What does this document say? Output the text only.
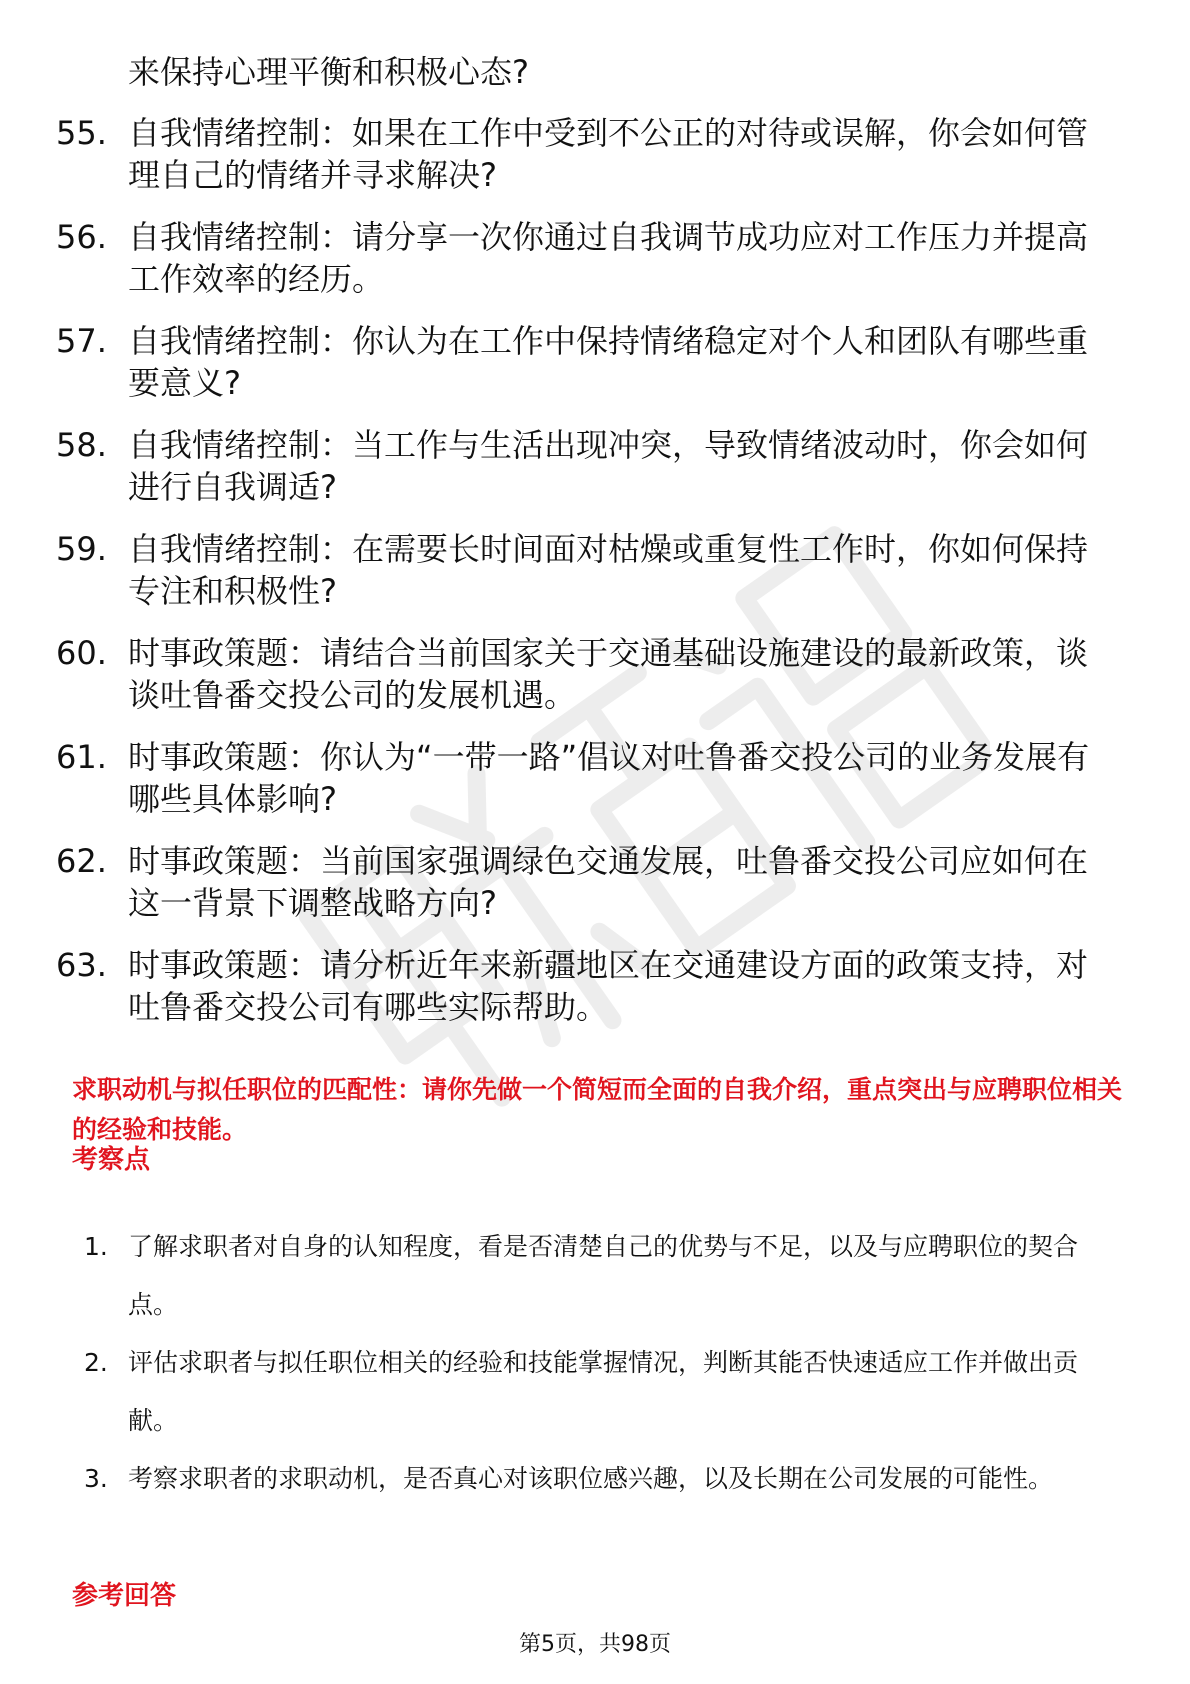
来保持心理平衡和积极心态?
55. 自我情绪控制：如果在工作中受到不公正的对待或误解，你会如何管理自己的情绪并寻求解决?
56. 自我情绪控制：请分享一次你通过自我调节成功应对工作压力并提高工作效率的经历。
57. 自我情绪控制：你认为在工作中保持情绪稳定对个人和团队有哪些重要意义?
58. 自我情绪控制：当工作与生活出现冲突，导致情绪波动时，你会如何进行自我调适?
59. 自我情绪控制：在需要长时间面对枯燥或重复性工作时，你如何保持专注和积极性?
60. 时事政策题：请结合当前国家关于交通基础设施建设的最新政策，谈谈吐鲁番交投公司的发展机遇。
61. 时事政策题：你认为“一带一路”倡议对吐鲁番交投公司的业务发展有哪些具体影响?
62. 时事政策题：当前国家强调绿色交通发展，吐鲁番交投公司应如何在这一背景下调整战略方向?
63. 时事政策题：请分析近年来新疆地区在交通建设方面的政策支持，对吐鲁番交投公司有哪些实际帮助。
求职动机与拟任职位的匹配性：请你先做一个简短而全面的自我介绍，重点突出与应聘职位相关的经验和技能。
考察点
1. 了解求职者对自身的认知程度，看是否清楚自己的优势与不足，以及与应聘职位的契合点。
2. 评估求职者与拟任职位相关的经验和技能掌握情况，判断其能否快速适应工作并做出贡献。
3. 考察求职者的求职动机，是否真心对该职位感兴趣，以及长期在公司发展的可能性。
参考回答
第5页，共98页
